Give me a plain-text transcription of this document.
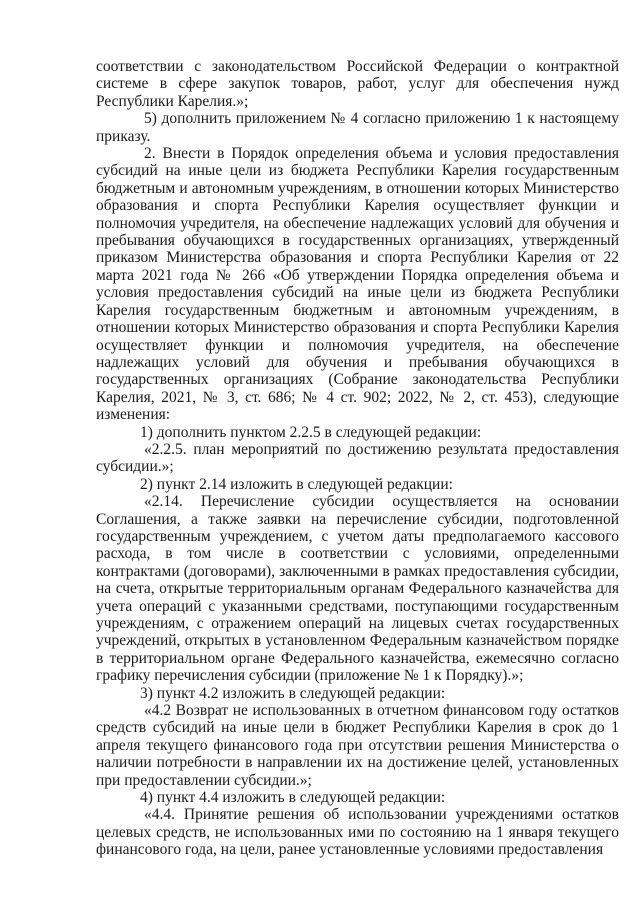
соответствии с законодательством Российской Федерации о контрактной системе в сфере закупок товаров, работ, услуг для обеспечения нужд Республики Карелия.»;

5) дополнить приложением № 4 согласно приложению 1 к настоящему приказу.

2. Внести в Порядок определения объема и условия предоставления субсидий на иные цели из бюджета Республики Карелия государственным бюджетным и автономным учреждениям, в отношении которых Министерство образования и спорта Республики Карелия осуществляет функции и полномочия учредителя, на обеспечение надлежащих условий для обучения и пребывания обучающихся в государственных организациях, утвержденный приказом Министерства образования и спорта Республики Карелия от 22 марта 2021 года № 266 «Об утверждении Порядка определения объема и условия предоставления субсидий на иные цели из бюджета Республики Карелия государственным бюджетным и автономным учреждениям, в отношении которых Министерство образования и спорта Республики Карелия осуществляет функции и полномочия учредителя, на обеспечение надлежащих условий для обучения и пребывания обучающихся в государственных организациях (Собрание законодательства Республики Карелия, 2021, № 3, ст. 686; № 4 ст. 902; 2022, № 2, ст. 453), следующие изменения:

1) дополнить пунктом 2.2.5 в следующей редакции:

«2.2.5. план мероприятий по достижению результата предоставления субсидии.»;

2) пункт 2.14 изложить в следующей редакции:

«2.14. Перечисление субсидии осуществляется на основании Соглашения, а также заявки на перечисление субсидии, подготовленной государственным учреждением, с учетом даты предполагаемого кассового расхода, в том числе в соответствии с условиями, определенными контрактами (договорами), заключенными в рамках предоставления субсидии, на счета, открытые территориальным органам Федерального казначейства для учета операций с указанными средствами, поступающими государственным учреждениям, с отражением операций на лицевых счетах государственных учреждений, открытых в установленном Федеральным казначейством порядке в территориальном органе Федерального казначейства, ежемесячно согласно графику перечисления субсидии (приложение № 1 к Порядку).»;

3) пункт 4.2 изложить в следующей редакции:

«4.2 Возврат не использованных в отчетном финансовом году остатков средств субсидий на иные цели в бюджет Республики Карелия в срок до 1 апреля текущего финансового года при отсутствии решения Министерства о наличии потребности в направлении их на достижение целей, установленных при предоставлении субсидии.»;

4) пункт 4.4 изложить в следующей редакции:

«4.4. Принятие решения об использовании учреждениями остатков целевых средств, не использованных ими по состоянию на 1 января текущего финансового года, на цели, ранее установленные условиями предоставления
